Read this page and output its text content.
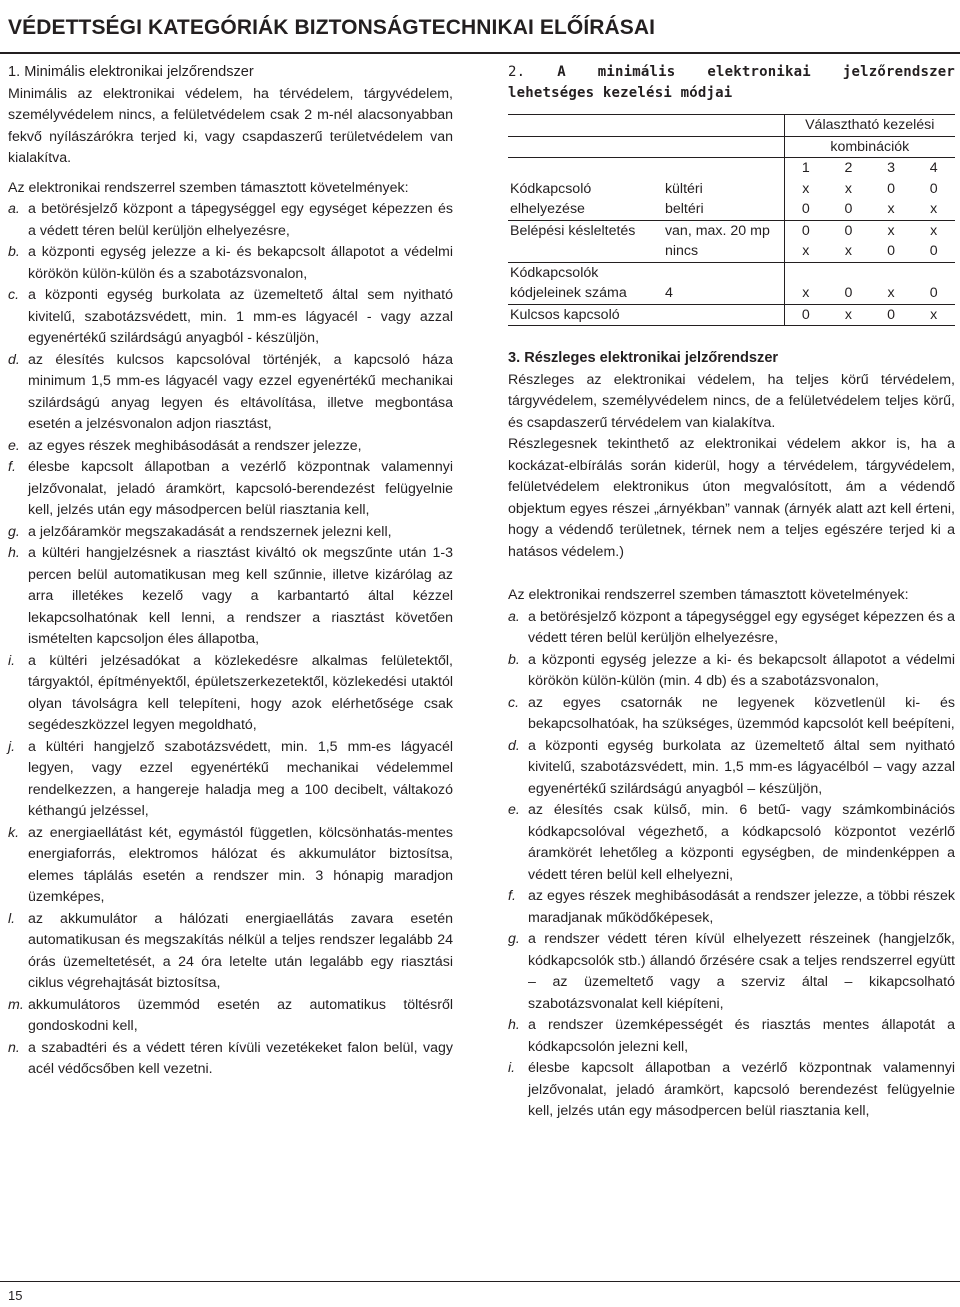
VÉDETTSÉGI KATEGÓRIÁK BIZTONSÁGTECHNIKAI ELŐÍRÁSAI

1. Minimális elektronikai jelzőrendszer

Minimális az elektronikai védelem, ha térvédelem, tárgyvédelem, személyvédelem nincs, a felületvédelem csak 2 m-nél alacsonyabban fekvő nyílászárókra terjed ki, vagy csapdaszerű területvédelem van kialakítva.

Az elektronikai rendszerrel szemben támasztott követelmények:

a. a betörésjelző központ a tápegységgel egy egységet képezzen és a védett téren belül kerüljön elhelyezésre,
b. a központi egység jelezze a ki- és bekapcsolt állapotot a védelmi körökön külön-külön és a szabotázsvonalon,
c. a központi egység burkolata az üzemeltető által sem nyitható kivitelű, szabotázsvédett, min. 1 mm-es lágyacél - vagy azzal egyenértékű szilárdságú anyagból - készüljön,
d. az élesítés kulcsos kapcsolóval történjék, a kapcsoló háza minimum 1,5 mm-es lágyacél vagy ezzel egyenértékű mechanikai szilárdságú anyag legyen és eltávolítása, illetve megbontása esetén a jelzésvonalon adjon riasztást,
e. az egyes részek meghibásodását a rendszer jelezze,
f. élesbe kapcsolt állapotban a vezérlő központnak valamennyi jelzővonalat, jeladó áramkört, kapcsoló-berendezést felügyelnie kell, jelzés után egy másodpercen belül riasztania kell,
g. a jelzőáramkör megszakadását a rendszernek jelezni kell,
h. a kültéri hangjelzésnek a riasztást kiváltó ok megszűnte után 1-3 percen belül automatikusan meg kell szűnnie, illetve kizárólag az arra illetékes kezelő vagy a karbantartó által kézzel lekapcsolhatónak kell lenni, a rendszer a riasztást követően ismételten kapcsoljon éles állapotba,
i. a kültéri jelzésadókat a közlekedésre alkalmas felületektől, tárgyaktól, építményektől, épületszerkezetektől, közlekedési utaktól olyan távolságra kell telepíteni, hogy azok elérhetősége csak segédeszközzel legyen megoldható,
j. a kültéri hangjelző szabotázsvédett, min. 1,5 mm-es lágyacél legyen, vagy ezzel egyenértékű mechanikai védelemmel rendelkezzen, a hangereje haladja meg a 100 decibelt, váltakozó kéthangú jelzéssel,
k. az energiaellátást két, egymástól független, kölcsönhatás-mentes energiaforrás, elektromos hálózat és akkumulátor biztosítsa, elemes táplálás esetén a rendszer min. 3 hónapig maradjon üzemképes,
l. az akkumulátor a hálózati energiaellátás zavara esetén automatikusan és megszakítás nélkül a teljes rendszer legalább 24 órás üzemeltetését, a 24 óra letelte után legalább egy riasztási ciklus végrehajtását biztosítsa,
m. akkumulátoros üzemmód esetén az automatikus töltésről gondoskodni kell,
n. a szabadtéri és a védett téren kívüli vezetékeket falon belül, vagy acél védőcsőben kell vezetni.

2. A minimális elektronikai jelzőrendszer lehetséges kezelési módjai

		Választható kezelési			
		kombinációk			
		1	2	3	4
Kódkapcsoló	kültéri	x	x	0	0
elhelyezése	beltéri	0	0	x	x
Belépési késleltetés	van, max. 20 mp	0	0	x	x
	nincs	x	x	0	0
Kódkapcsolók					
kódjeleinek száma	4	x	0	x	0
Kulcsos kapcsoló		0	x	0	x

3. Részleges elektronikai jelzőrendszer

Részleges az elektronikai védelem, ha teljes körű térvédelem, tárgyvédelem, személyvédelem nincs, de a felületvédelem teljes körű, és csapdaszerű térvédelem van kialakítva.

Részlegesnek tekinthető az elektronikai védelem akkor is, ha a kockázat-elbírálás során kiderül, hogy a térvédelem, tárgyvédelem, felületvédelem elektronikus úton megvalósított, ám a védendő objektum egyes részei „árnyékban” vannak (árnyék alatt azt kell érteni, hogy a védendő területnek, térnek nem a teljes egészére terjed ki a hatásos védelem.)

Az elektronikai rendszerrel szemben támasztott követelmények:

a. a betörésjelző központ a tápegységgel egy egységet képezzen és a védett téren belül kerüljön elhelyezésre,
b. a központi egység jelezze a ki- és bekapcsolt állapotot a védelmi körökön külön-külön (min. 4 db) és a szabotázsvonalon,
c. az egyes csatornák ne legyenek közvetlenül ki- és bekapcsolhatóak, ha szükséges, üzemmód kapcsolót kell beépíteni,
d. a központi egység burkolata az üzemeltető által sem nyitható kivitelű, szabotázsvédett, min. 1,5 mm-es lágyacélból – vagy azzal egyenértékű szilárdságú anyagból – készüljön,
e. az élesítés csak külső, min. 6 betű- vagy számkombinációs kódkapcsolóval végezhető, a kódkapcsoló központot vezérlő áramkörét lehetőleg a központi egységben, de mindenképpen a védett téren belül kell elhelyezni,
f. az egyes részek meghibásodását a rendszer jelezze, a többi részek maradjanak működőképesek,
g. a rendszer védett téren kívül elhelyezett részeinek (hangjelzők, kódkapcsolók stb.) állandó őrzésére csak a teljes rendszerrel együtt – az üzemeltető vagy a szerviz által – kikapcsolható szabotázsvonalat kell kiépíteni,
h. a rendszer üzemképességét és riasztás mentes állapotát a kódkapcsolón jelezni kell,
i. élesbe kapcsolt állapotban a vezérlő központnak valamennyi jelzővonalat, jeladó áramkört, kapcsoló berendezést felügyelnie kell, jelzés után egy másodpercen belül riasztania kell,
15
